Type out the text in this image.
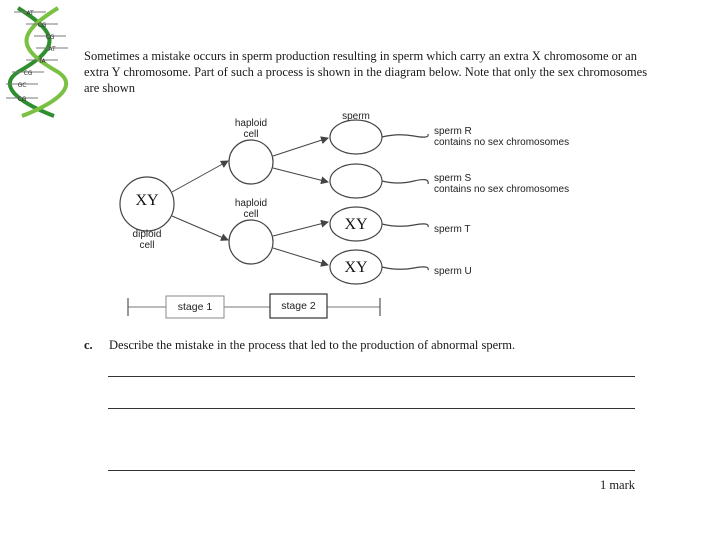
AT
CG
CG
AT
TA
CG
GC
CG
Sometimes a mistake occurs in sperm production resulting in sperm which carry an extra X chromosome or an
extra Y chromosome. Part of such a process is shown in the diagram below. Note that only the sex chromosomes
are shown
XY
diploid
cell
haploid
cell
haploid
cell
sperm
XY
XY
sperm R
contains no sex chromosomes
sperm S
contains no sex chromosomes
sperm T
sperm U
stage 1	stage 2
c. Describe the mistake in the process that led to the production of abnormal sperm.
1 mark
